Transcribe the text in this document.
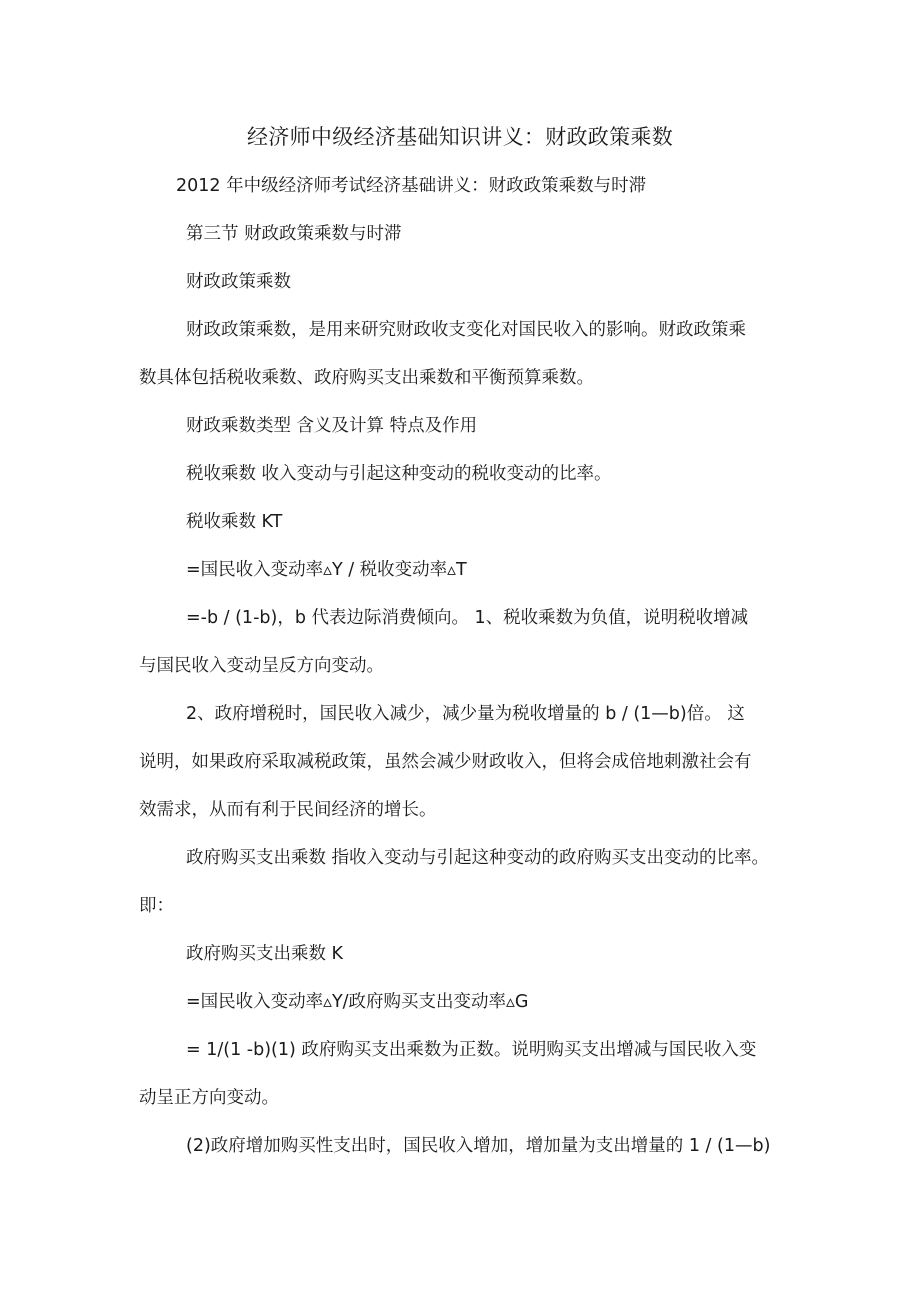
经济师中级经济基础知识讲义：财政政策乘数
2012 年中级经济师考试经济基础讲义：财政政策乘数与时滞
第三节 财政政策乘数与时滞
财政政策乘数
财政政策乘数，是用来研究财政收支变化对国民收入的影响。财政政策乘
数具体包括税收乘数、政府购买支出乘数和平衡预算乘数。
财政乘数类型 含义及计算 特点及作用
税收乘数 收入变动与引起这种变动的税收变动的比率。
税收乘数 KT
=国民收入变动率▵Y / 税收变动率▵T
=-b / (1-b)，b 代表边际消费倾向。 1、税收乘数为负值，说明税收增减
与国民收入变动呈反方向变动。
2、政府增税时，国民收入减少，减少量为税收增量的 b / (1—b)倍。 这
说明，如果政府采取减税政策，虽然会减少财政收入，但将会成倍地刺激社会有
效需求，从而有利于民间经济的增长。
政府购买支出乘数 指收入变动与引起这种变动的政府购买支出变动的比率。
即：
政府购买支出乘数 K
=国民收入变动率▵Y/政府购买支出变动率▵G
= 1/(1 -b)(1) 政府购买支出乘数为正数。说明购买支出增减与国民收入变
动呈正方向变动。
(2)政府增加购买性支出时，国民收入增加，增加量为支出增量的 1 / (1—b)
